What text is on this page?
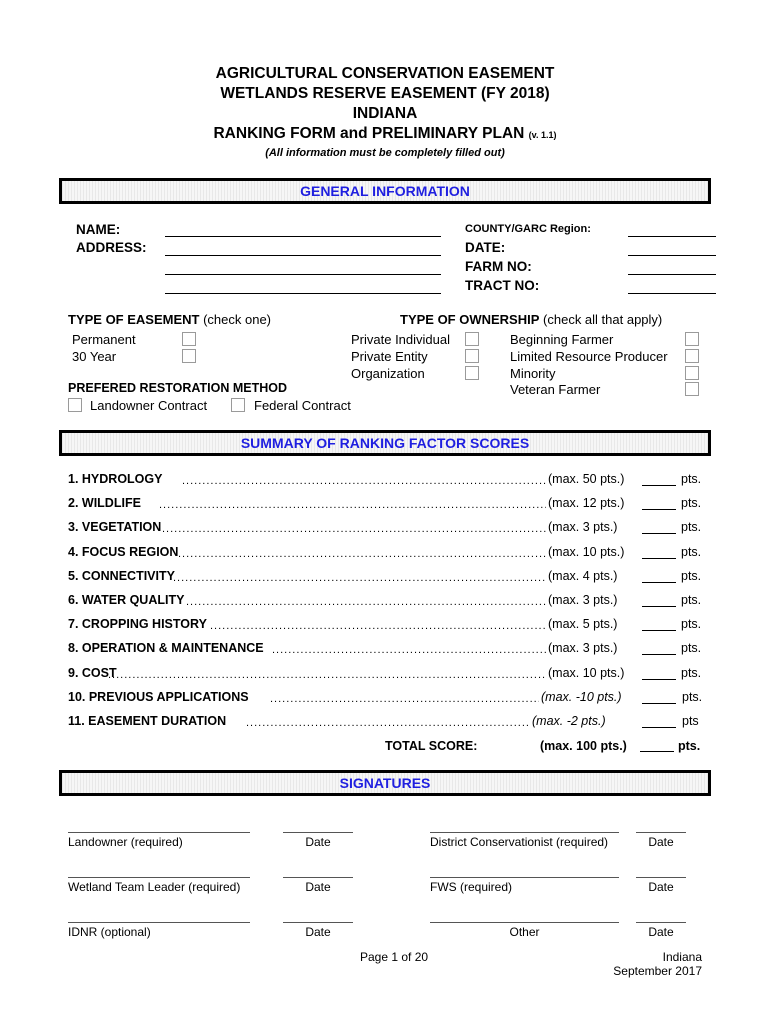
AGRICULTURAL CONSERVATION EASEMENT
WETLANDS RESERVE EASEMENT (FY 2018)
INDIANA
RANKING FORM and PRELIMINARY PLAN (v. 1.1)
(All information must be completely filled out)
GENERAL INFORMATION
NAME:
ADDRESS:
COUNTY/GARC Region:
DATE:
FARM NO:
TRACT NO:
TYPE OF EASEMENT (check one)
Permanent
30 Year
TYPE OF OWNERSHIP (check all that apply)
Private Individual
Private Entity
Organization
Beginning Farmer
Limited Resource Producer
Minority
Veteran Farmer
PREFERED RESTORATION METHOD
Landowner Contract	Federal Contract
SUMMARY OF RANKING FACTOR SCORES
1. HYDROLOGY .....	(max. 50 pts.)	pts.
2. WILDLIFE .....	(max. 12 pts.)	pts.
3. VEGETATION .....	(max. 3 pts.)	pts.
4. FOCUS REGION .....	(max. 10 pts.)	pts.
5. CONNECTIVITY .....	(max. 4 pts.)	pts.
6. WATER QUALITY .....	(max. 3 pts.)	pts.
7. CROPPING HISTORY .....	(max. 5 pts.)	pts.
8. OPERATION & MAINTENANCE .....	(max. 3 pts.)	pts.
9. COST .....	(max. 10 pts.)	pts.
10. PREVIOUS APPLICATIONS .....	(max. -10 pts.)	pts.
11. EASEMENT DURATION .....	(max. -2 pts.)	pts
TOTAL SCORE:	(max. 100 pts.)	pts.
SIGNATURES
Landowner (required)	Date	District Conservationist (required)	Date
Wetland Team Leader (required)	Date	FWS (required)	Date
IDNR (optional)	Date	Other	Date
Page 1 of 20	Indiana
September 2017
